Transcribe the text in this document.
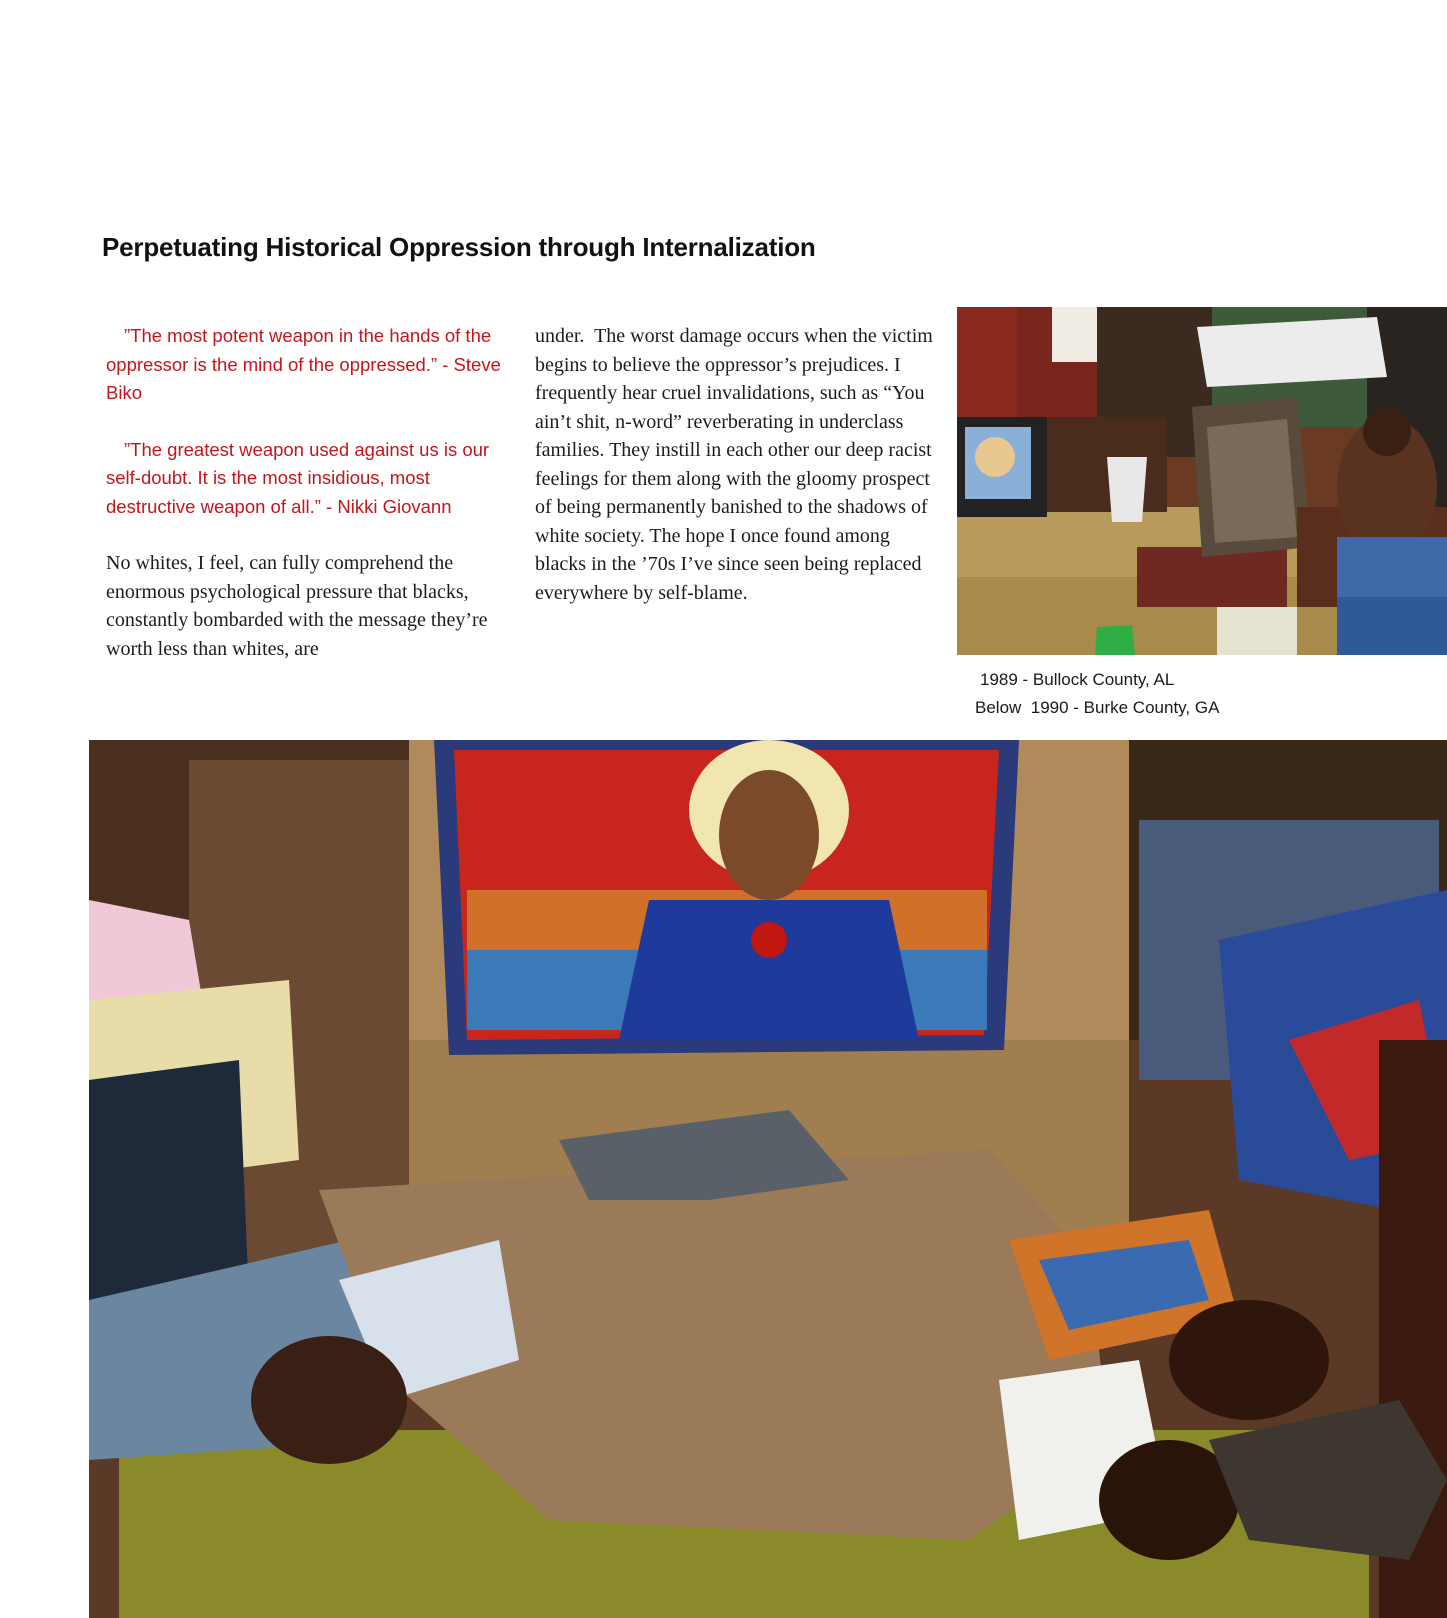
Perpetuating Historical Oppression through Internalization

”The most potent weapon in the hands of the oppressor is the mind of the oppressed.” - Steve Biko

”The greatest weapon used against us is our self-doubt. It is the most insidious, most destructive weapon of all.” - Nikki Giovann

No whites, I feel, can fully comprehend the enormous psychological pressure that blacks, constantly bombarded with the message they’re worth less than whites, are

under.  The worst damage occurs when the victim begins to believe the oppressor’s prejudices. I frequently hear cruel invalidations, such as “You ain’t shit, n-word” reverberating in underclass families. They instill in each other our deep racist feelings for them along with the gloomy prospect of being permanently banished to the shadows of white society. The hope I once found among blacks in the ’70s I’ve since seen being replaced everywhere by self-blame.

1989 - Bullock County, AL
Below  1990 - Burke County, GA
